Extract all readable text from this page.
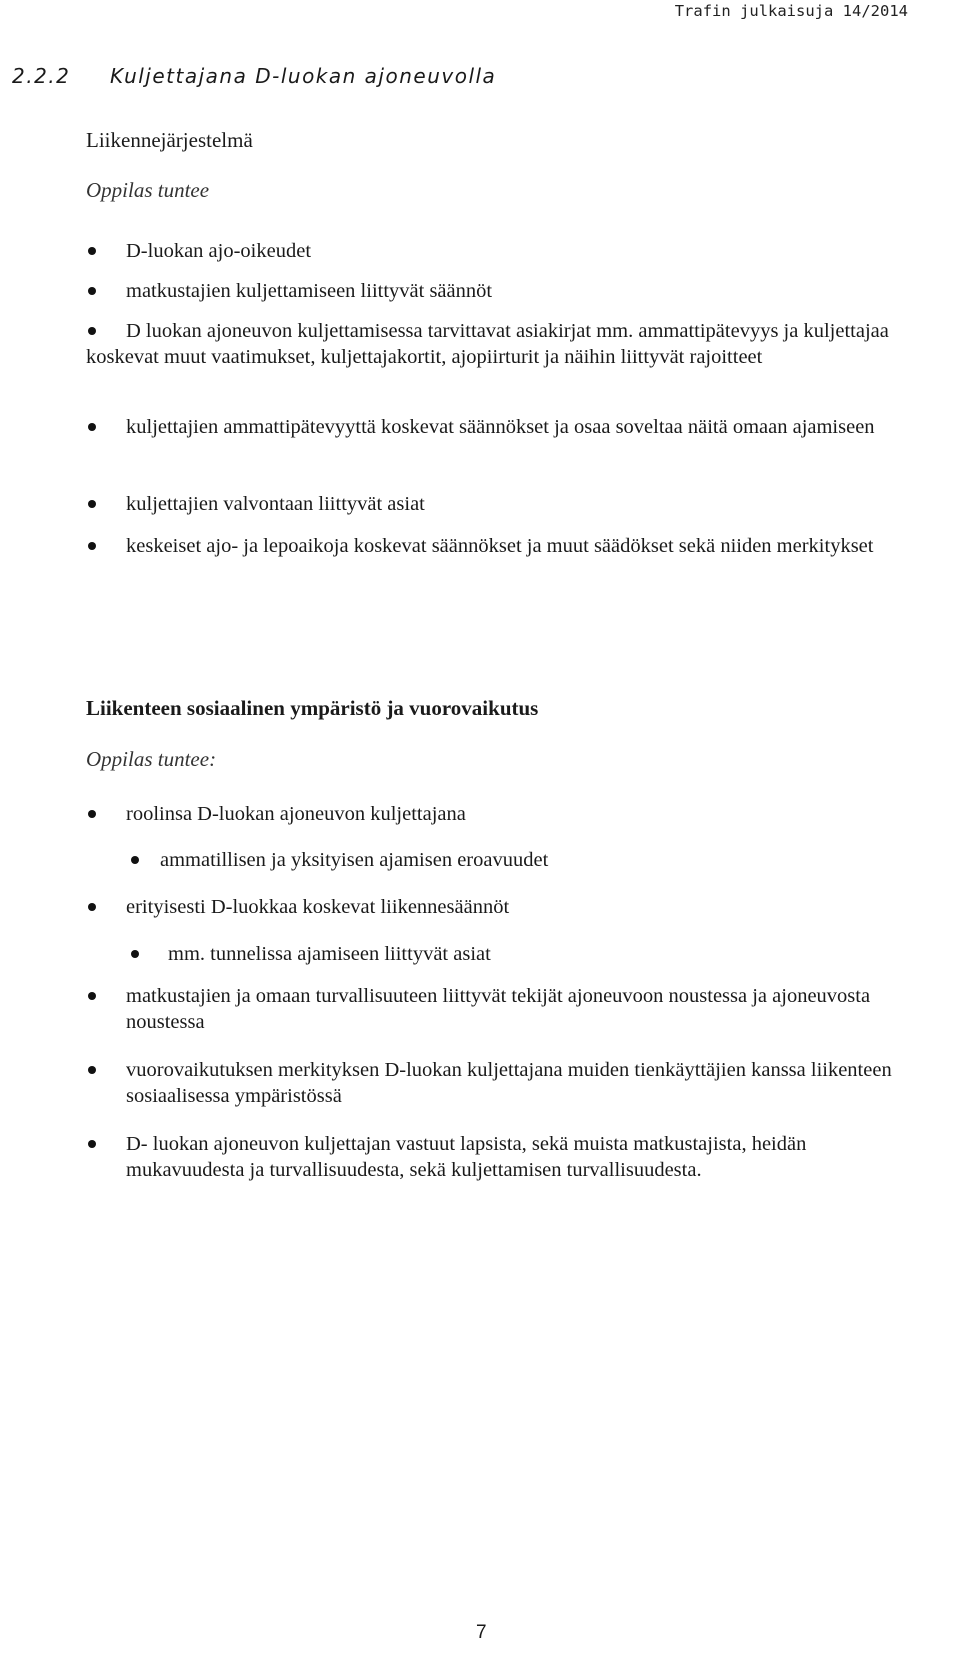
Trafin julkaisuja 14/2014
2.2.2 Kuljettajana D-luokan ajoneuvolla
Liikennejärjestelmä
Oppilas tuntee
D-luokan ajo-oikeudet
matkustajien kuljettamiseen liittyvät säännöt
D luokan ajoneuvon kuljettamisessa tarvittavat asiakirjat mm. ammattipätevyys ja kuljettajaa koskevat muut vaatimukset, kuljettajakortit, ajopiirturit ja näihin liittyvät rajoitteet
kuljettajien ammattipätevyyttä koskevat säännökset ja osaa soveltaa näitä omaan ajamiseen
kuljettajien valvontaan liittyvät asiat
keskeiset ajo- ja lepoaikoja koskevat säännökset ja muut säädökset sekä niiden merkitykset
Liikenteen sosiaalinen ympäristö ja vuorovaikutus
Oppilas tuntee:
roolinsa D-luokan ajoneuvon kuljettajana
ammatillisen ja yksityisen ajamisen eroavuudet
erityisesti D-luokkaa koskevat liikennesäännöt
mm. tunnelissa ajamiseen liittyvät asiat
matkustajien ja omaan turvallisuuteen liittyvät tekijät ajoneuvoon noustessa ja ajoneuvosta noustessa
vuorovaikutuksen merkityksen D-luokan kuljettajana muiden tienkäyttäjien kanssa liikenteen sosiaalisessa ympäristössä
D- luokan ajoneuvon kuljettajan vastuut lapsista, sekä muista matkustajista, heidän mukavuudesta ja turvallisuudesta, sekä kuljettamisen turvallisuudesta.
7
